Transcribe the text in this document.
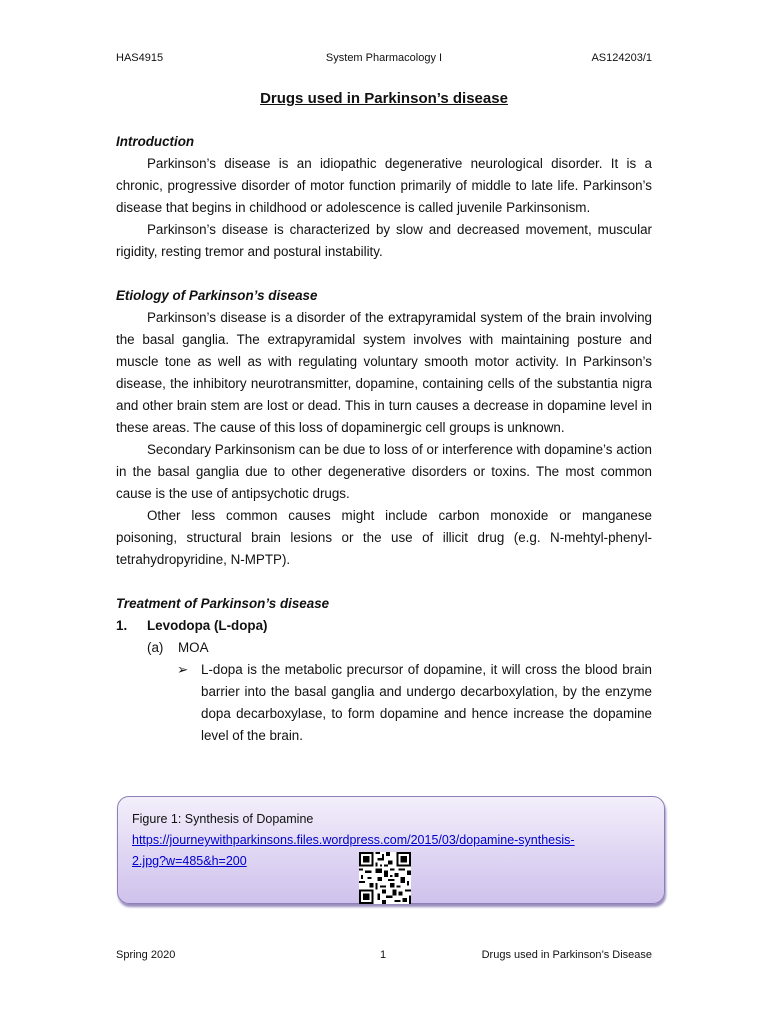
HAS4915	System Pharmacology I	AS124203/1
Drugs used in Parkinson’s disease
Introduction

Parkinson’s disease is an idiopathic degenerative neurological disorder. It is a chronic, progressive disorder of motor function primarily of middle to late life. Parkinson’s disease that begins in childhood or adolescence is called juvenile Parkinsonism.

Parkinson’s disease is characterized by slow and decreased movement, muscular rigidity, resting tremor and postural instability.

Etiology of Parkinson’s disease

Parkinson’s disease is a disorder of the extrapyramidal system of the brain involving the basal ganglia. The extrapyramidal system involves with maintaining posture and muscle tone as well as with regulating voluntary smooth motor activity. In Parkinson’s disease, the inhibitory neurotransmitter, dopamine, containing cells of the substantia nigra and other brain stem are lost or dead. This in turn causes a decrease in dopamine level in these areas. The cause of this loss of dopaminergic cell groups is unknown.

Secondary Parkinsonism can be due to loss of or interference with dopamine’s action in the basal ganglia due to other degenerative disorders or toxins. The most common cause is the use of antipsychotic drugs.

Other less common causes might include carbon monoxide or manganese poisoning, structural brain lesions or the use of illicit drug (e.g. N-mehtyl-phenyl-tetrahydropyridine, N-MPTP).

Treatment of Parkinson’s disease
1.	Levodopa (L-dopa)
(a)	MOA
➢ L-dopa is the metabolic precursor of dopamine, it will cross the blood brain barrier into the basal ganglia and undergo decarboxylation, by the enzyme dopa decarboxylase, to form dopamine and hence increase the dopamine level of the brain.

Figure 1: Synthesis of Dopamine
https://journeywithparkinsons.files.wordpress.com/2015/03/dopamine-synthesis-
2.jpg?w=485&h=200
Spring 2020	1	Drugs used in Parkinson’s Disease
